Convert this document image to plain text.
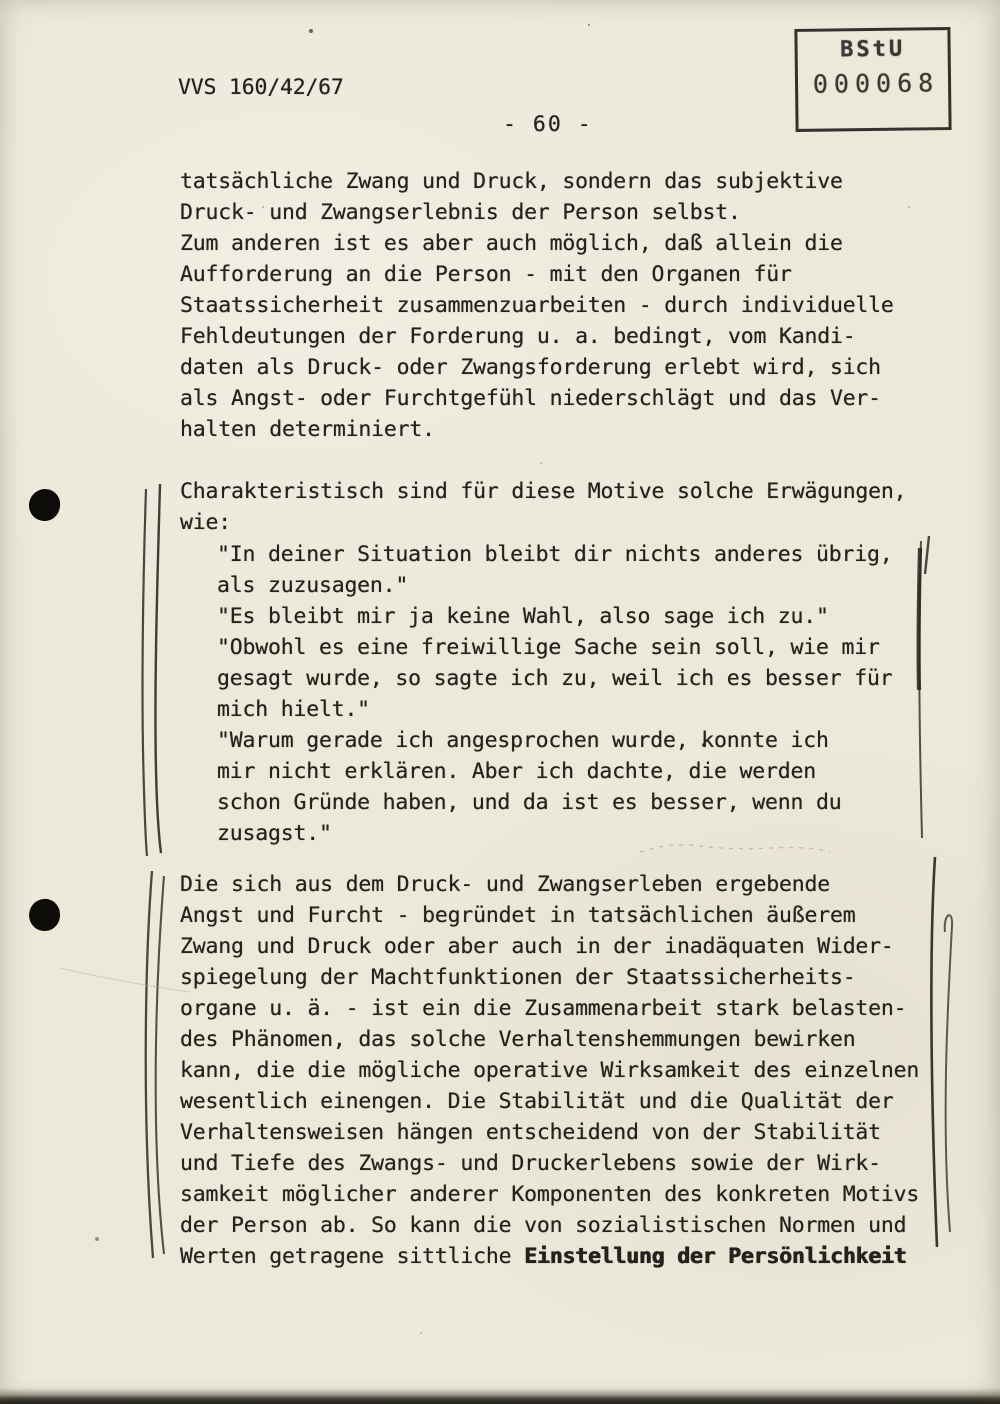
VVS 160/42/67
- 60 -
BStU
000068
tatsächliche Zwang und Druck, sondern das subjektive
Druck- und Zwangserlebnis der Person selbst.
Zum anderen ist es aber auch möglich, daß allein die
Aufforderung an die Person - mit den Organen für
Staatssicherheit zusammenzuarbeiten - durch individuelle
Fehldeutungen der Forderung u. a. bedingt, vom Kandi-
daten als Druck- oder Zwangsforderung erlebt wird, sich
als Angst- oder Furchtgefühl niederschlägt und das Ver-
halten determiniert.
Charakteristisch sind für diese Motive solche Erwägungen,
wie:
"In deiner Situation bleibt dir nichts anderes übrig,
als zuzusagen."
"Es bleibt mir ja keine Wahl, also sage ich zu."
"Obwohl es eine freiwillige Sache sein soll, wie mir
gesagt wurde, so sagte ich zu, weil ich es besser für
mich hielt."
"Warum gerade ich angesprochen wurde, konnte ich
mir nicht erklären. Aber ich dachte, die werden
schon Gründe haben, und da ist es besser, wenn du
zusagst."
Die sich aus dem Druck- und Zwangserleben ergebende
Angst und Furcht - begründet in tatsächlichen äußerem
Zwang und Druck oder aber auch in der inadäquaten Wider-
spiegelung der Machtfunktionen der Staatssicherheits-
organe u. ä. - ist ein die Zusammenarbeit stark belasten-
des Phänomen, das solche Verhaltenshemmungen bewirken
kann, die die mögliche operative Wirksamkeit des einzelnen
wesentlich einengen. Die Stabilität und die Qualität der
Verhaltensweisen hängen entscheidend von der Stabilität
und Tiefe des Zwangs- und Druckerlebens sowie der Wirk-
samkeit möglicher anderer Komponenten des konkreten Motivs
der Person ab. So kann die von sozialistischen Normen und
Werten getragene sittliche Einstellung der Persönlichkeit
